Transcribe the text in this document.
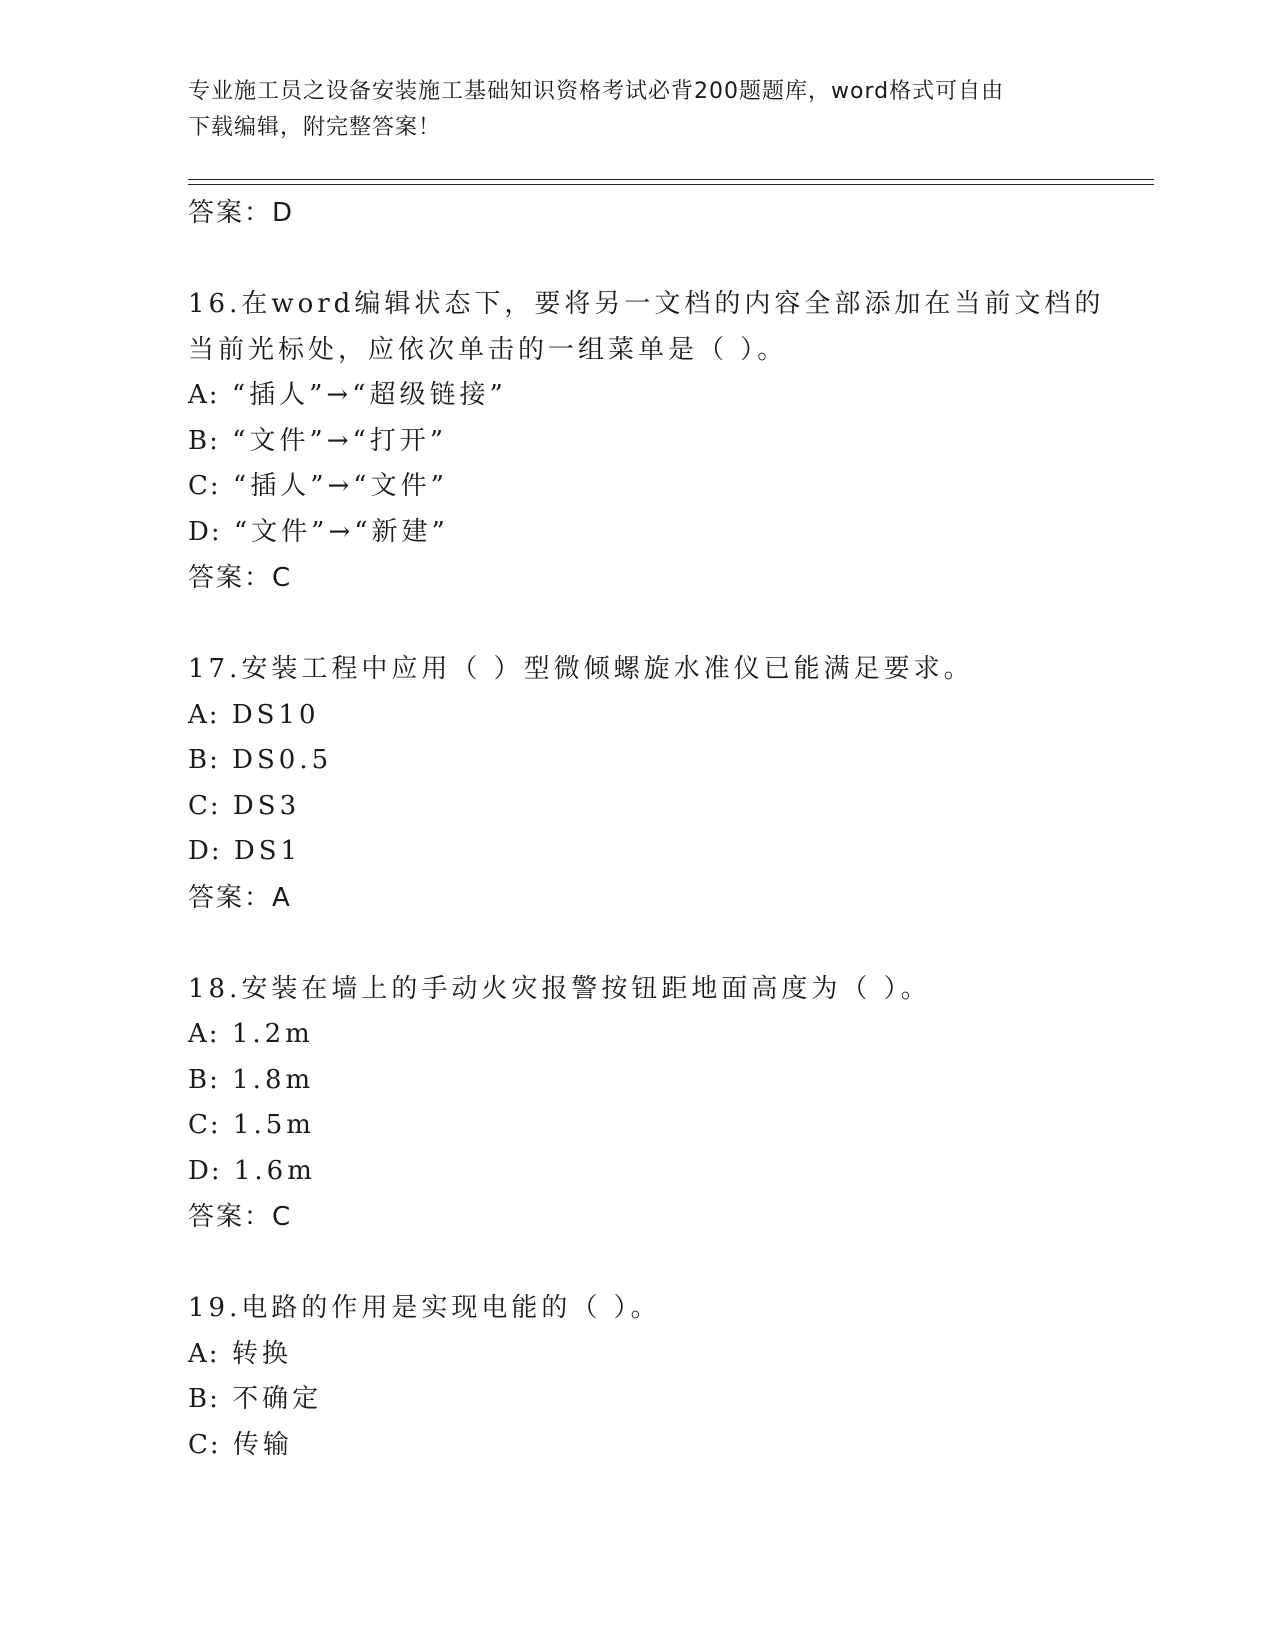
专业施工员之设备安装施工基础知识资格考试必背200题题库，word格式可自由
下载编辑，附完整答案！
答案：D
16.在word编辑状态下，要将另一文档的内容全部添加在当前文档的
当前光标处，应依次单击的一组菜单是（ ）。
A: “插人”→“超级链接”
B: “文件”→“打开”
C: “插人”→“文件”
D: “文件”→“新建”
答案：C
17.安装工程中应用（ ）型微倾螺旋水准仪已能满足要求。
A: DS10
B: DS0.5
C: DS3
D: DS1
答案：A
18.安装在墙上的手动火灾报警按钮距地面高度为（ ）。
A: 1.2m
B: 1.8m
C: 1.5m
D: 1.6m
答案：C
19.电路的作用是实现电能的（ ）。
A: 转换
B: 不确定
C: 传输
